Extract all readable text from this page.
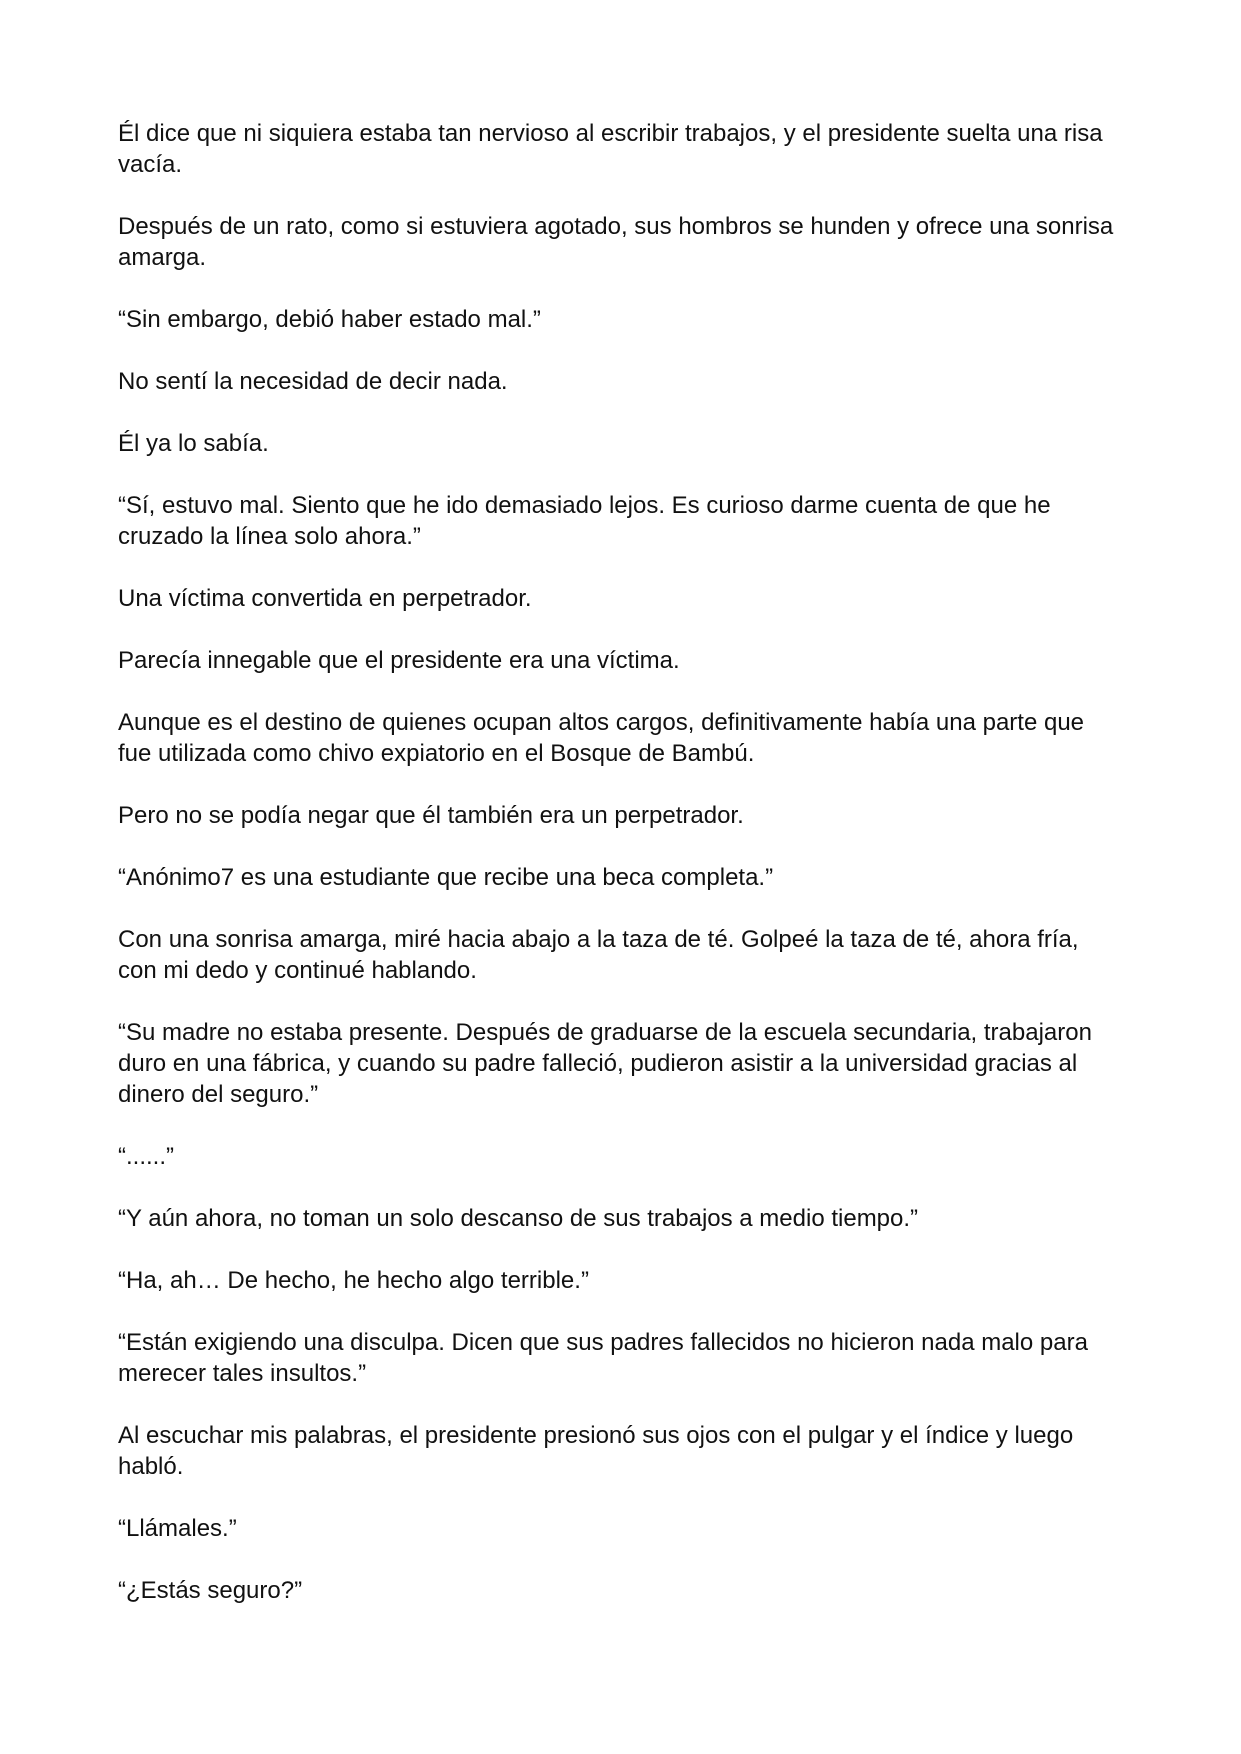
Él dice que ni siquiera estaba tan nervioso al escribir trabajos, y el presidente suelta una risa vacía.

Después de un rato, como si estuviera agotado, sus hombros se hunden y ofrece una sonrisa amarga.

“Sin embargo, debió haber estado mal.”

No sentí la necesidad de decir nada.

Él ya lo sabía.

“Sí, estuvo mal. Siento que he ido demasiado lejos. Es curioso darme cuenta de que he cruzado la línea solo ahora.”

Una víctima convertida en perpetrador.

Parecía innegable que el presidente era una víctima.

Aunque es el destino de quienes ocupan altos cargos, definitivamente había una parte que fue utilizada como chivo expiatorio en el Bosque de Bambú.

Pero no se podía negar que él también era un perpetrador.

“Anónimo7 es una estudiante que recibe una beca completa.”

Con una sonrisa amarga, miré hacia abajo a la taza de té. Golpeé la taza de té, ahora fría, con mi dedo y continué hablando.

“Su madre no estaba presente. Después de graduarse de la escuela secundaria, trabajaron duro en una fábrica, y cuando su padre falleció, pudieron asistir a la universidad gracias al dinero del seguro.”

“......”

“Y aún ahora, no toman un solo descanso de sus trabajos a medio tiempo.”

“Ha, ah… De hecho, he hecho algo terrible.”

“Están exigiendo una disculpa. Dicen que sus padres fallecidos no hicieron nada malo para merecer tales insultos.”

Al escuchar mis palabras, el presidente presionó sus ojos con el pulgar y el índice y luego habló.

“Llámales.”

“¿Estás seguro?”
